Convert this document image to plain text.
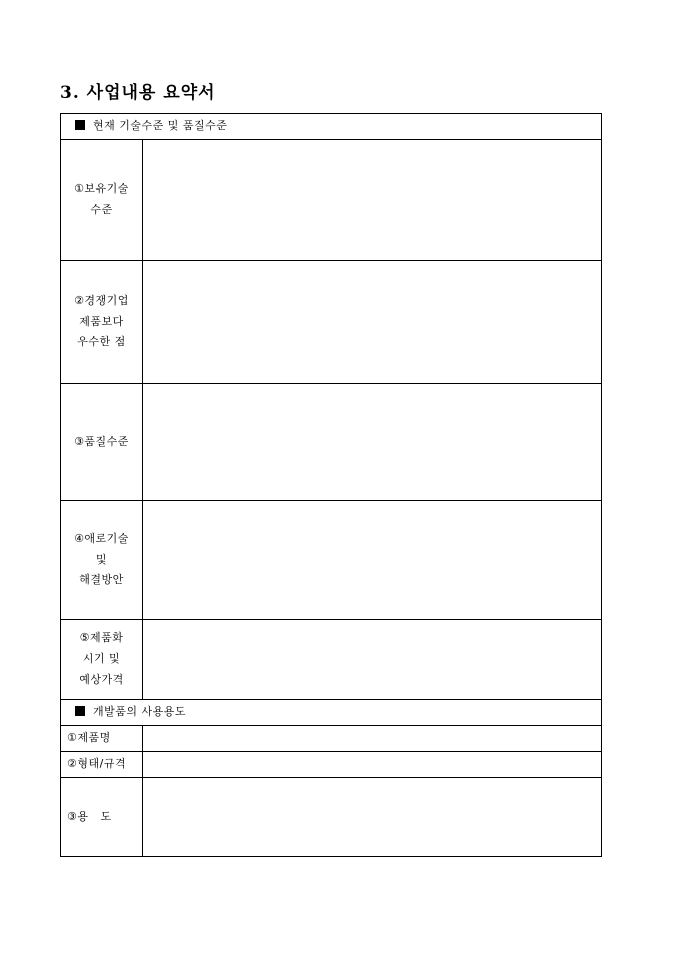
3. 사업내용 요약서
현재 기술수준 및 품질수준	

①보유기술
수준	

②경쟁기업
제품보다
우수한 점	

③품질수준	

④애로기술
및
해결방안	

⑤제품화
시기 및
예상가격	

개발품의 사용용도	
①제품명	
②형태/규격	
③용   도	
